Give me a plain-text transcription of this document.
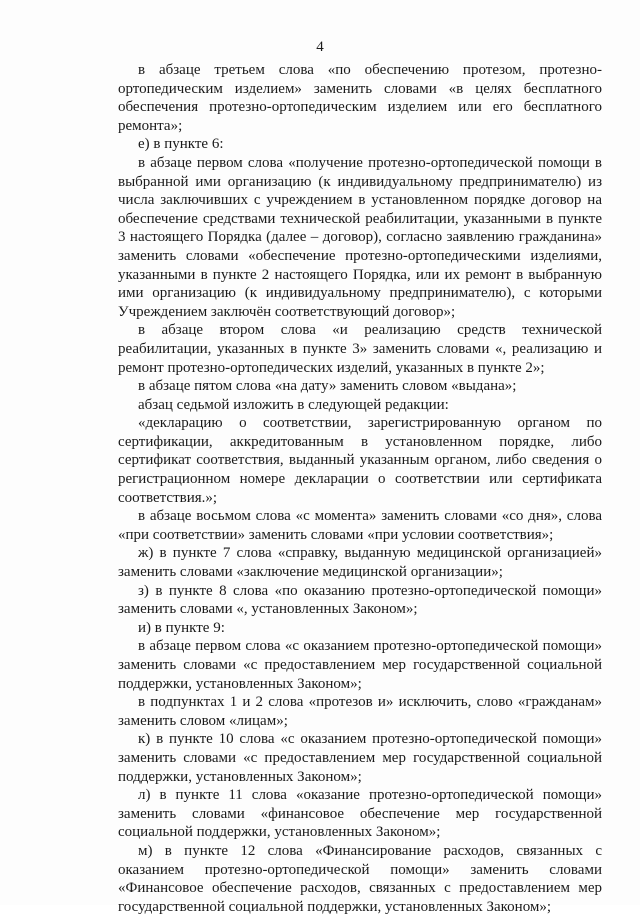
4

в абзаце третьем слова «по обеспечению протезом, протезно-ортопедическим изделием» заменить словами «в целях бесплатного обеспечения протезно-ортопедическим изделием или его бесплатного ремонта»;

е) в пункте 6:

в абзаце первом слова «получение протезно-ортопедической помощи в выбранной ими организацию (к индивидуальному предпринимателю) из числа заключивших с учреждением в установленном порядке договор на обеспечение средствами технической реабилитации, указанными в пункте 3 настоящего Порядка (далее – договор), согласно заявлению гражданина» заменить словами «обеспечение протезно-ортопедическими изделиями, указанными в пункте 2 настоящего Порядка, или их ремонт в выбранную ими организацию (к индивидуальному предпринимателю), с которыми Учреждением заключён соответствующий договор»;

в абзаце втором слова «и реализацию средств технической реабилитации, указанных в пункте 3» заменить словами «, реализацию и ремонт протезно-ортопедических изделий, указанных в пункте 2»;

в абзаце пятом слова «на дату» заменить словом «выдана»;

абзац седьмой изложить в следующей редакции:

«декларацию о соответствии, зарегистрированную органом по сертификации, аккредитованным в установленном порядке, либо сертификат соответствия, выданный указанным органом, либо сведения о регистрационном номере декларации о соответствии или сертификата соответствия.»;

в абзаце восьмом слова «с момента» заменить словами «со дня», слова «при соответствии» заменить словами «при условии соответствия»;

ж) в пункте 7 слова «справку, выданную медицинской организацией» заменить словами «заключение медицинской организации»;

з) в пункте 8 слова «по оказанию протезно-ортопедической помощи» заменить словами «, установленных Законом»;

и) в пункте 9:

в абзаце первом слова «с оказанием протезно-ортопедической помощи» заменить словами «с предоставлением мер государственной социальной поддержки, установленных Законом»;

в подпунктах 1 и 2 слова «протезов и» исключить, слово «гражданам» заменить словом «лицам»;

к) в пункте 10 слова «с оказанием протезно-ортопедической помощи» заменить словами «с предоставлением мер государственной социальной поддержки, установленных Законом»;

л) в пункте 11 слова «оказание протезно-ортопедической помощи» заменить словами «финансовое обеспечение мер государственной социальной поддержки, установленных Законом»;

м) в пункте 12 слова «Финансирование расходов, связанных с оказанием протезно-ортопедической помощи» заменить словами «Финансовое обеспечение расходов, связанных с предоставлением мер государственной социальной поддержки, установленных Законом»;
